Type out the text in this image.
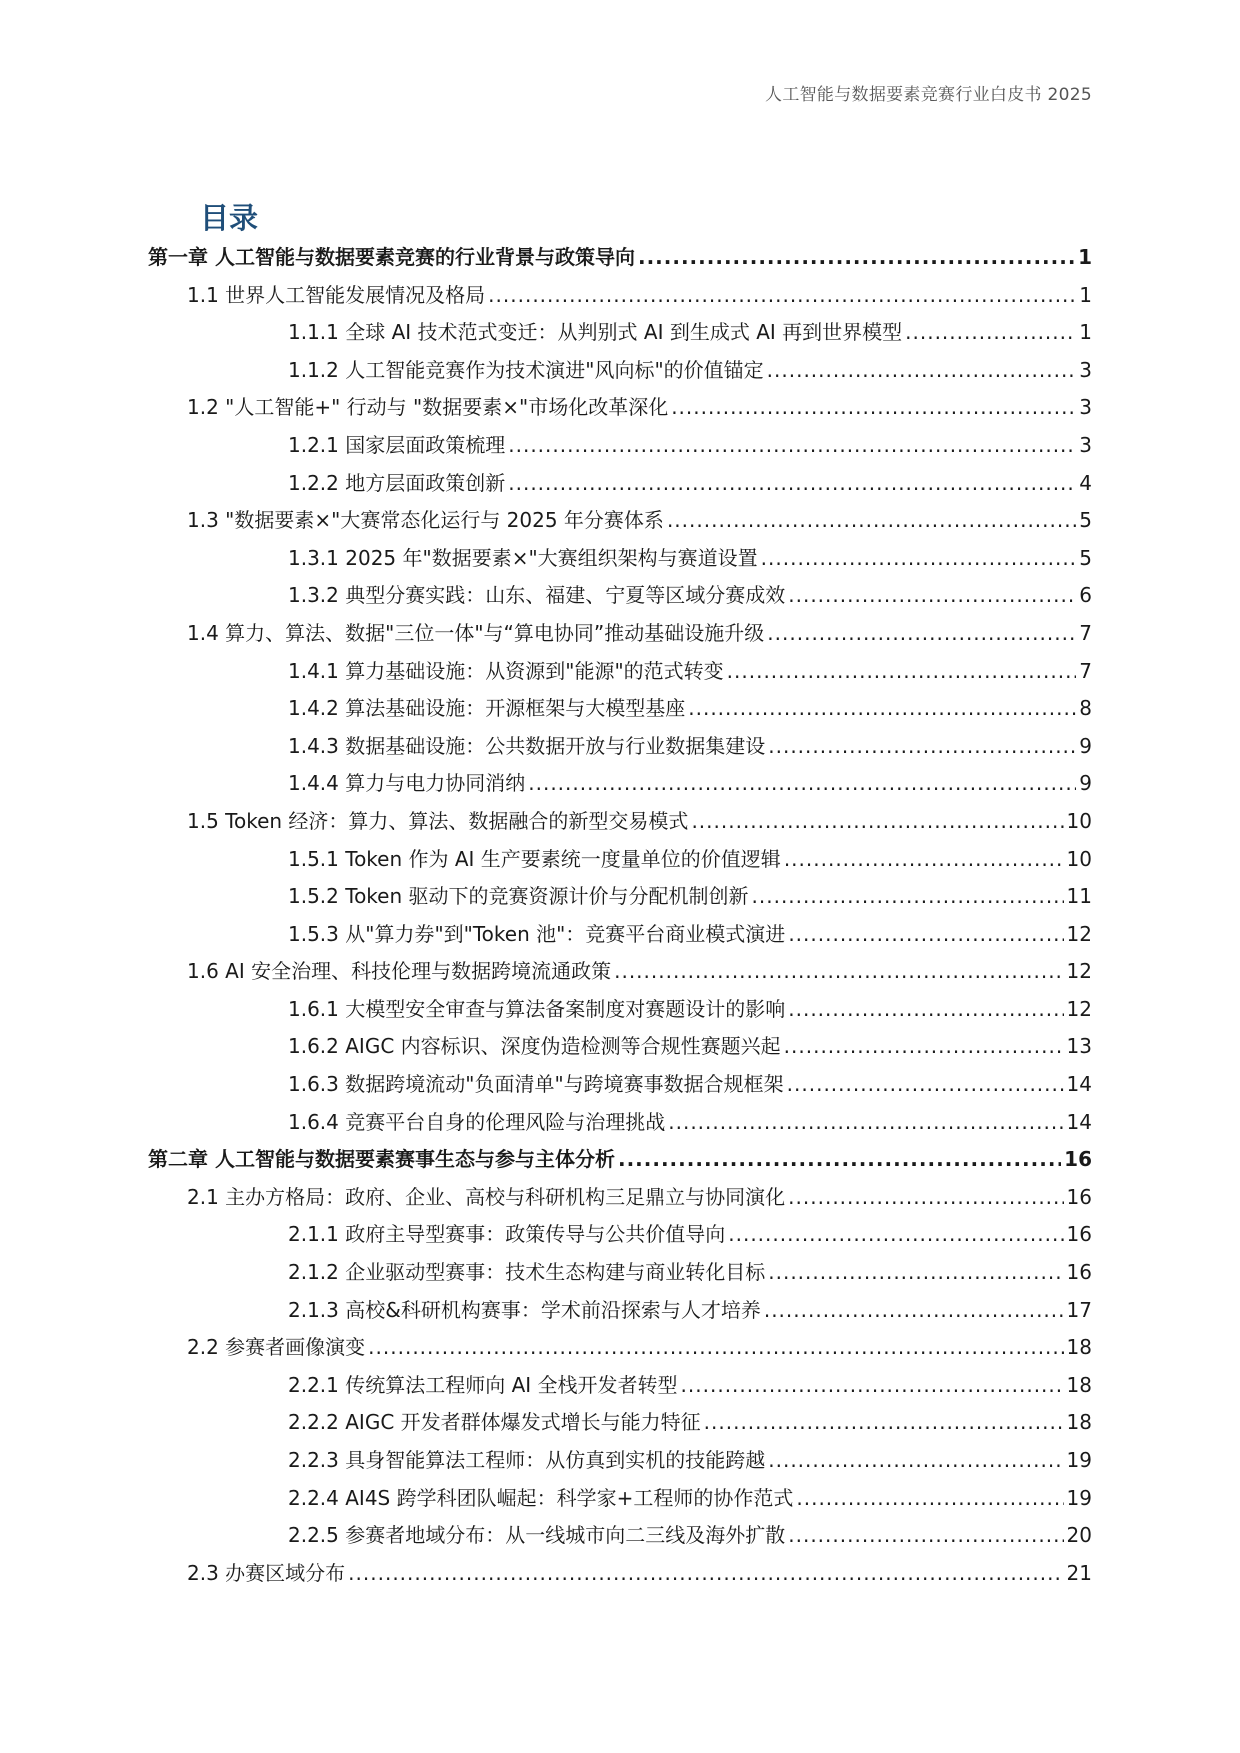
人工智能与数据要素竞赛行业白皮书 2025
目录
第一章 人工智能与数据要素竞赛的行业背景与政策导向 .....	1
1.1 世界人工智能发展情况及格局 .....	1
1.1.1 全球 AI 技术范式变迁：从判别式 AI 到生成式 AI 再到世界模型 .....	1
1.1.2 人工智能竞赛作为技术演进"风向标"的价值锚定 .....	3
1.2 "人工智能+" 行动与 "数据要素×"市场化改革深化 .....	3
1.2.1 国家层面政策梳理 .....	3
1.2.2 地方层面政策创新 .....	4
1.3 "数据要素×"大赛常态化运行与 2025 年分赛体系 .....	5
1.3.1 2025 年"数据要素×"大赛组织架构与赛道设置 .....	5
1.3.2 典型分赛实践：山东、福建、宁夏等区域分赛成效 .....	6
1.4 算力、算法、数据"三位一体"与“算电协同”推动基础设施升级 .....	7
1.4.1 算力基础设施：从资源到"能源"的范式转变 .....	7
1.4.2 算法基础设施：开源框架与大模型基座 .....	8
1.4.3 数据基础设施：公共数据开放与行业数据集建设 .....	9
1.4.4 算力与电力协同消纳 .....	9
1.5 Token 经济：算力、算法、数据融合的新型交易模式 .....	10
1.5.1 Token 作为 AI 生产要素统一度量单位的价值逻辑 .....	10
1.5.2 Token 驱动下的竞赛资源计价与分配机制创新 .....	11
1.5.3 从"算力券"到"Token 池"：竞赛平台商业模式演进 .....	12
1.6 AI 安全治理、科技伦理与数据跨境流通政策 .....	12
1.6.1 大模型安全审查与算法备案制度对赛题设计的影响 .....	12
1.6.2 AIGC 内容标识、深度伪造检测等合规性赛题兴起 .....	13
1.6.3 数据跨境流动"负面清单"与跨境赛事数据合规框架 .....	14
1.6.4 竞赛平台自身的伦理风险与治理挑战 .....	14
第二章 人工智能与数据要素赛事生态与参与主体分析 .....	16
2.1 主办方格局：政府、企业、高校与科研机构三足鼎立与协同演化 .....	16
2.1.1 政府主导型赛事：政策传导与公共价值导向 .....	16
2.1.2 企业驱动型赛事：技术生态构建与商业转化目标 .....	16
2.1.3 高校&科研机构赛事：学术前沿探索与人才培养 .....	17
2.2 参赛者画像演变 .....	18
2.2.1 传统算法工程师向 AI 全栈开发者转型 .....	18
2.2.2 AIGC 开发者群体爆发式增长与能力特征 .....	18
2.2.3 具身智能算法工程师：从仿真到实机的技能跨越 .....	19
2.2.4 AI4S 跨学科团队崛起：科学家+工程师的协作范式 .....	19
2.2.5 参赛者地域分布：从一线城市向二三线及海外扩散 .....	20
2.3 办赛区域分布 .....	21
